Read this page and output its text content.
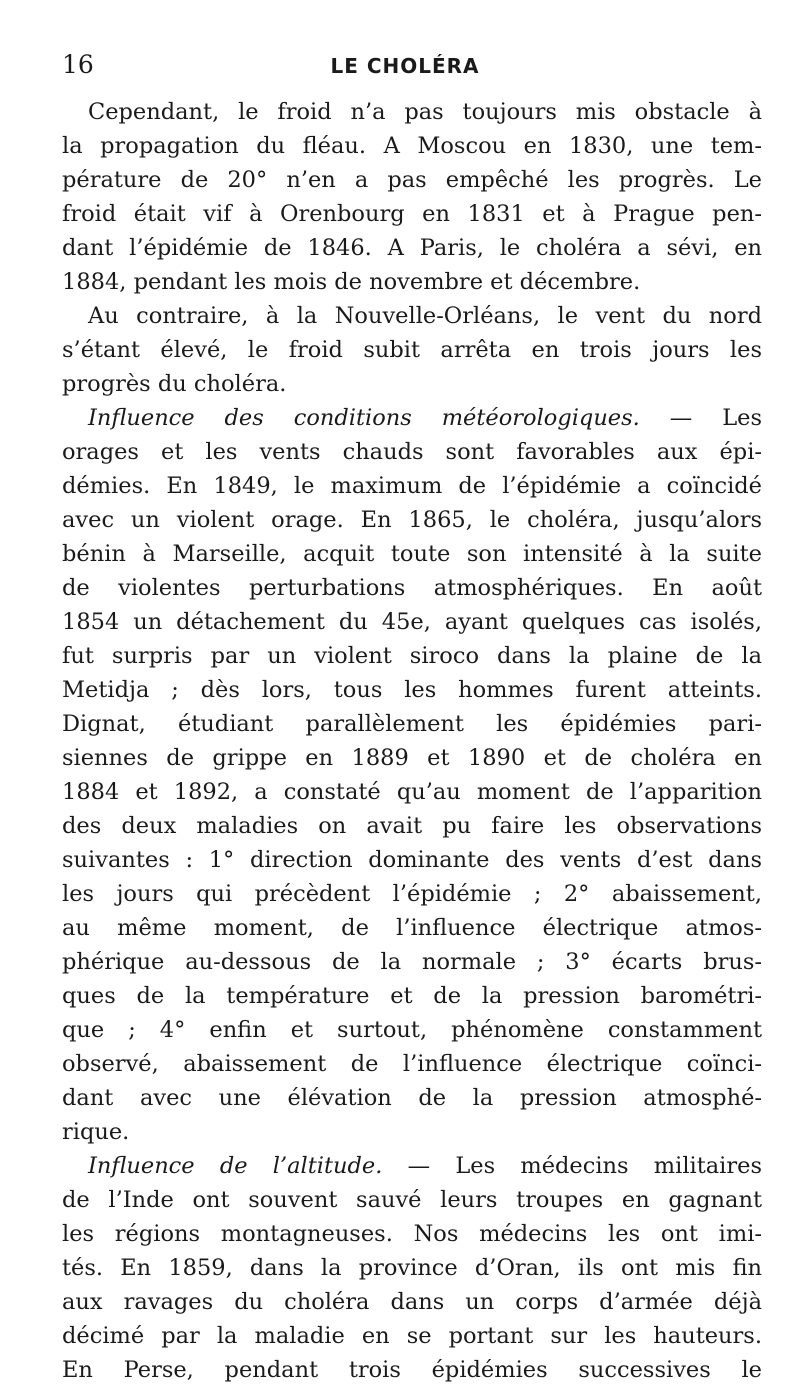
16	LE CHOLÉRA
Cependant, le froid n’a pas toujours mis obstacle à
la propagation du fléau. A Moscou en 1830, une tem-
pérature de 20° n’en a pas empêché les progrès. Le
froid était vif à Orenbourg en 1831 et à Prague pen-
dant l’épidémie de 1846. A Paris, le choléra a sévi, en
1884, pendant les mois de novembre et décembre.
Au contraire, à la Nouvelle-Orléans, le vent du nord
s’étant élevé, le froid subit arrêta en trois jours les
progrès du choléra.
Influence des conditions météorologiques. — Les
orages et les vents chauds sont favorables aux épi-
démies. En 1849, le maximum de l’épidémie a coïncidé
avec un violent orage. En 1865, le choléra, jusqu’alors
bénin à Marseille, acquit toute son intensité à la suite
de violentes perturbations atmosphériques. En août
1854 un détachement du 45e, ayant quelques cas isolés,
fut surpris par un violent siroco dans la plaine de la
Metidja ; dès lors, tous les hommes furent atteints.
Dignat, étudiant parallèlement les épidémies pari-
siennes de grippe en 1889 et 1890 et de choléra en
1884 et 1892, a constaté qu’au moment de l’apparition
des deux maladies on avait pu faire les observations
suivantes : 1° direction dominante des vents d’est dans
les jours qui précèdent l’épidémie ; 2° abaissement,
au même moment, de l’influence électrique atmos-
phérique au-dessous de la normale ; 3° écarts brus-
ques de la température et de la pression barométri-
que ; 4° enfin et surtout, phénomène constamment
observé, abaissement de l’influence électrique coïnci-
dant avec une élévation de la pression atmosphé-
rique.
Influence de l’altitude. — Les médecins militaires
de l’Inde ont souvent sauvé leurs troupes en gagnant
les régions montagneuses. Nos médecins les ont imi-
tés. En 1859, dans la province d’Oran, ils ont mis fin
aux ravages du choléra dans un corps d’armée déjà
décimé par la maladie en se portant sur les hauteurs.
En Perse, pendant trois épidémies successives le
